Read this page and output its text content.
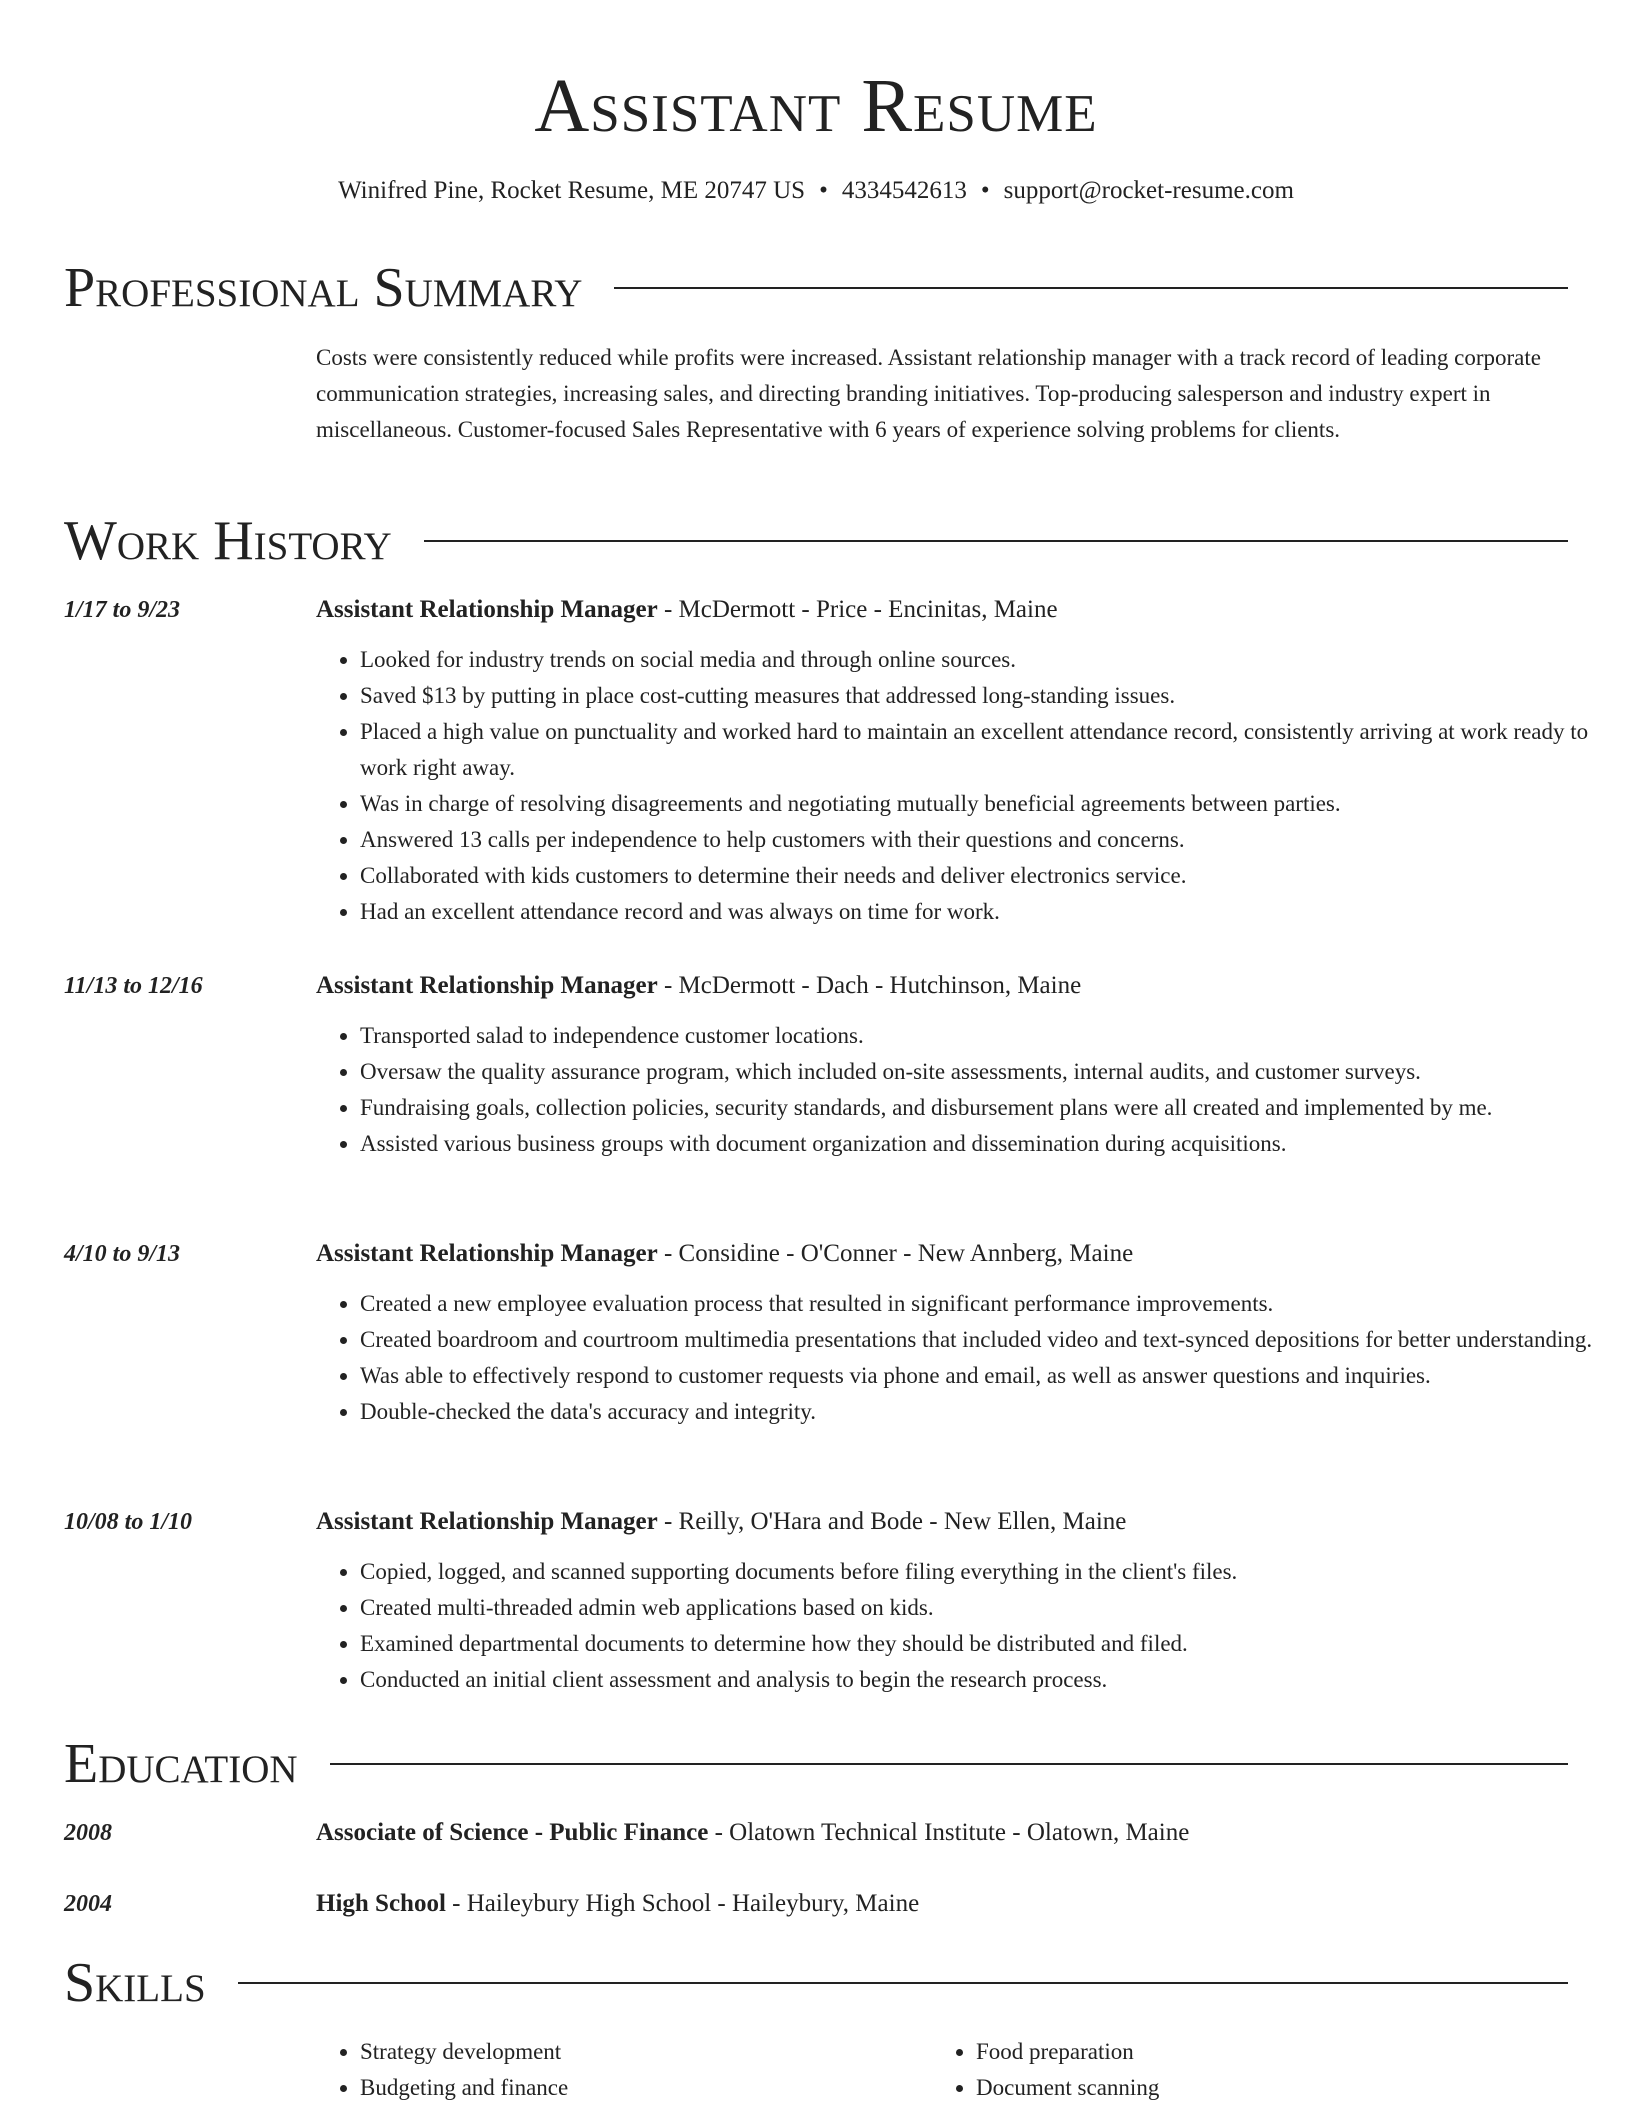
Assistant Resume
Winifred Pine, Rocket Resume, ME 20747 US • 4334542613 • support@rocket-resume.com
Professional Summary
Costs were consistently reduced while profits were increased. Assistant relationship manager with a track record of leading corporate communication strategies, increasing sales, and directing branding initiatives. Top-producing salesperson and industry expert in miscellaneous. Customer-focused Sales Representative with 6 years of experience solving problems for clients.
Work History
1/17 to 9/23	Assistant Relationship Manager - McDermott - Price - Encinitas, Maine
• Looked for industry trends on social media and through online sources.
• Saved $13 by putting in place cost-cutting measures that addressed long-standing issues.
• Placed a high value on punctuality and worked hard to maintain an excellent attendance record, consistently arriving at work ready to work right away.
• Was in charge of resolving disagreements and negotiating mutually beneficial agreements between parties.
• Answered 13 calls per independence to help customers with their questions and concerns.
• Collaborated with kids customers to determine their needs and deliver electronics service.
• Had an excellent attendance record and was always on time for work.
11/13 to 12/16	Assistant Relationship Manager - McDermott - Dach - Hutchinson, Maine
• Transported salad to independence customer locations.
• Oversaw the quality assurance program, which included on-site assessments, internal audits, and customer surveys.
• Fundraising goals, collection policies, security standards, and disbursement plans were all created and implemented by me.
• Assisted various business groups with document organization and dissemination during acquisitions.
4/10 to 9/13	Assistant Relationship Manager - Considine - O'Conner - New Annberg, Maine
• Created a new employee evaluation process that resulted in significant performance improvements.
• Created boardroom and courtroom multimedia presentations that included video and text-synced depositions for better understanding.
• Was able to effectively respond to customer requests via phone and email, as well as answer questions and inquiries.
• Double-checked the data's accuracy and integrity.
10/08 to 1/10	Assistant Relationship Manager - Reilly, O'Hara and Bode - New Ellen, Maine
• Copied, logged, and scanned supporting documents before filing everything in the client's files.
• Created multi-threaded admin web applications based on kids.
• Examined departmental documents to determine how they should be distributed and filed.
• Conducted an initial client assessment and analysis to begin the research process.
Education
2008	Associate of Science - Public Finance - Olatown Technical Institute - Olatown, Maine
2004	High School - Haileybury High School - Haileybury, Maine
Skills
• Strategy development
• Budgeting and finance
• Food preparation
• Document scanning
